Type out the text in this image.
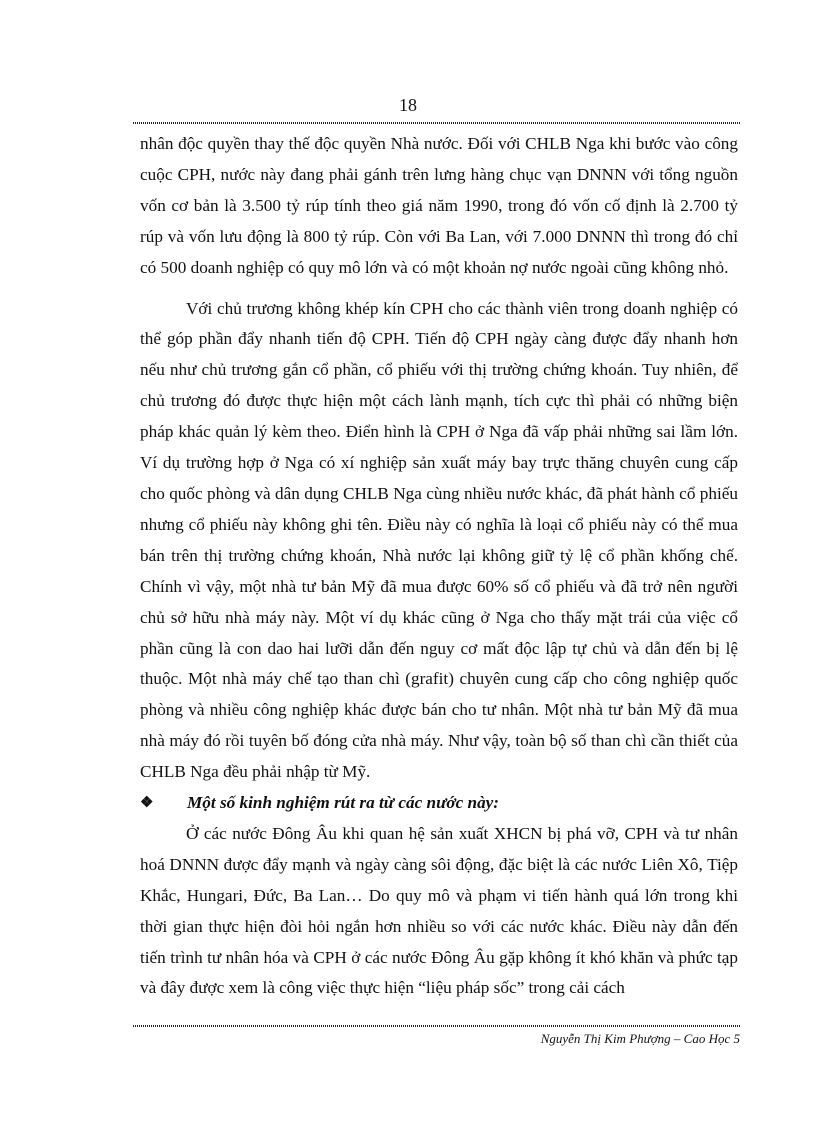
18

nhân độc quyền thay thế độc quyền Nhà nước. Đối với CHLB Nga khi bước vào công cuộc CPH, nước này đang phải gánh trên lưng hàng chục vạn DNNN với tổng nguồn vốn cơ bản là 3.500 tỷ rúp tính theo giá năm 1990, trong đó vốn cố định là 2.700 tỷ rúp và vốn lưu động là 800 tỷ rúp. Còn với Ba Lan, với 7.000 DNNN thì trong đó chỉ có 500 doanh nghiệp có quy mô lớn và có một khoản nợ nước ngoài cũng không nhỏ.

Với chủ trương không khép kín CPH cho các thành viên trong doanh nghiệp có thể góp phần đẩy nhanh tiến độ CPH. Tiến độ CPH ngày càng được đẩy nhanh hơn nếu như chủ trương gắn cổ phần, cổ phiếu với thị trường chứng khoán. Tuy nhiên, để chủ trương đó được thực hiện một cách lành mạnh, tích cực thì phải có những biện pháp khác quản lý kèm theo. Điển hình là CPH ở Nga đã vấp phải những sai lầm lớn. Ví dụ trường hợp ở Nga có xí nghiệp sản xuất máy bay trực thăng chuyên cung cấp cho quốc phòng và dân dụng CHLB Nga cùng nhiều nước khác, đã phát hành cổ phiếu nhưng cổ phiếu này không ghi tên. Điều này có nghĩa là loại cổ phiếu này có thể mua bán trên thị trường chứng khoán, Nhà nước lại không giữ tỷ lệ cổ phần khống chế. Chính vì vậy, một nhà tư bản Mỹ đã mua được 60% số cổ phiếu và đã trở nên người chủ sở hữu nhà máy này. Một ví dụ khác cũng ở Nga cho thấy mặt trái của việc cổ phần cũng là con dao hai lưỡi dẫn đến nguy cơ mất độc lập tự chủ và dẫn đến bị lệ thuộc. Một nhà máy chế tạo than chì (grafit) chuyên cung cấp cho công nghiệp quốc phòng và nhiều công nghiệp khác được bán cho tư nhân. Một nhà tư bản Mỹ đã mua nhà máy đó rồi tuyên bố đóng cửa nhà máy. Như vậy, toàn bộ số than chì cần thiết của CHLB Nga đều phải nhập từ Mỹ.

❖	Một số kinh nghiệm rút ra từ các nước này:

Ở các nước Đông Âu khi quan hệ sản xuất XHCN bị phá vỡ, CPH và tư nhân hoá DNNN được đẩy mạnh và ngày càng sôi động, đặc biệt là các nước Liên Xô, Tiệp Khắc, Hungari, Đức, Ba Lan… Do quy mô và phạm vi tiến hành quá lớn trong khi thời gian thực hiện đòi hỏi ngắn hơn nhiều so với các nước khác. Điều này dẫn đến tiến trình tư nhân hóa và CPH ở các nước Đông Âu gặp không ít khó khăn và phức tạp và đây được xem là công việc thực hiện “liệu pháp sốc” trong cải cách

Nguyễn Thị Kim Phượng – Cao Học 5
